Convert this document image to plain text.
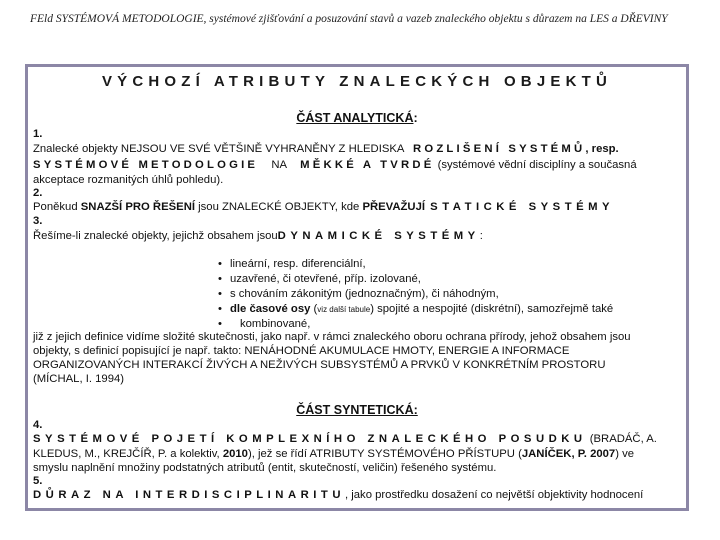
FEld SYSTÉMOVÁ METODOLOGIE, systémové zjišťování a posuzování stavů a vazeb znaleckého objektu s důrazem na LES a DŘEVINY
VÝCHOZÍ ATRIBUTY ZNALECKÝCH OBJEKTŮ
ČÁST ANALYTICKÁ:
1.
Znalecké objekty NEJSOU VE SVÉ VĚTŠINĚ VYHRANĚNY Z HLEDISKA ROZLIŠENÍ SYSTÉMŮ, resp.
SYSTÉMOVÉ METODOLOGIE NA MĚKKÉ A TVRDÉ (systémové vědní disciplíny a současná
akceptace rozmanitých úhlů pohledu).
2.
Poněkud SNAZŠÍ PRO ŘEŠENÍ jsou ZNALECKÉ OBJEKTY, kde PŘEVAŽUJÍ STATICKÉ SYSTÉMY
3.
Řešíme-li znalecké objekty, jejichž obsahem jsouDYNAMICKÉ SYSTÉMY:
• lineární, resp. diferenciální,
• uzavřené, či otevřené, příp. izolované,
• s chováním zákonitým (jednoznačným), či náhodným,
• dle časové osy (viz další tabule) spojité a nespojité (diskrétní), samozřejmě také
• kombinované,
již z jejich definice vidíme složité skutečnosti, jako např. v rámci znaleckého oboru ochrana přírody, jehož obsahem jsou
objekty, s definicí popisující je např. takto: NENÁHODNÉ AKUMULACE HMOTY, ENERGIE A INFORMACE
ORGANIZOVANÝCH INTERAKCÍ ŽIVÝCH A NEŽIVÝCH SUBSYSTÉMŮ A PRVKŮ V KONKRÉTNÍM PROSTORU
(MÍCHAL, I. 1994)
ČÁST SYNTETICKÁ:
4.
SYSTÉMOVÉ POJETÍ KOMPLEXNÍHO ZNALECKÉHO POSUDKU (BRADÁČ, A.
KLEDUS, M., KREJČÍŘ, P. a kolektiv, 2010), jež se řídí ATRIBUTY SYSTÉMOVÉHO PŘÍSTUPU (JANÍČEK, P. 2007) ve
smyslu naplnění množiny podstatných atributů (entit, skutečností, veličin) řešeného systému.
5.
DŮRAZ NA INTERDISCIPLINARITU, jako prostředku dosažení co největší objektivity hodnocení
